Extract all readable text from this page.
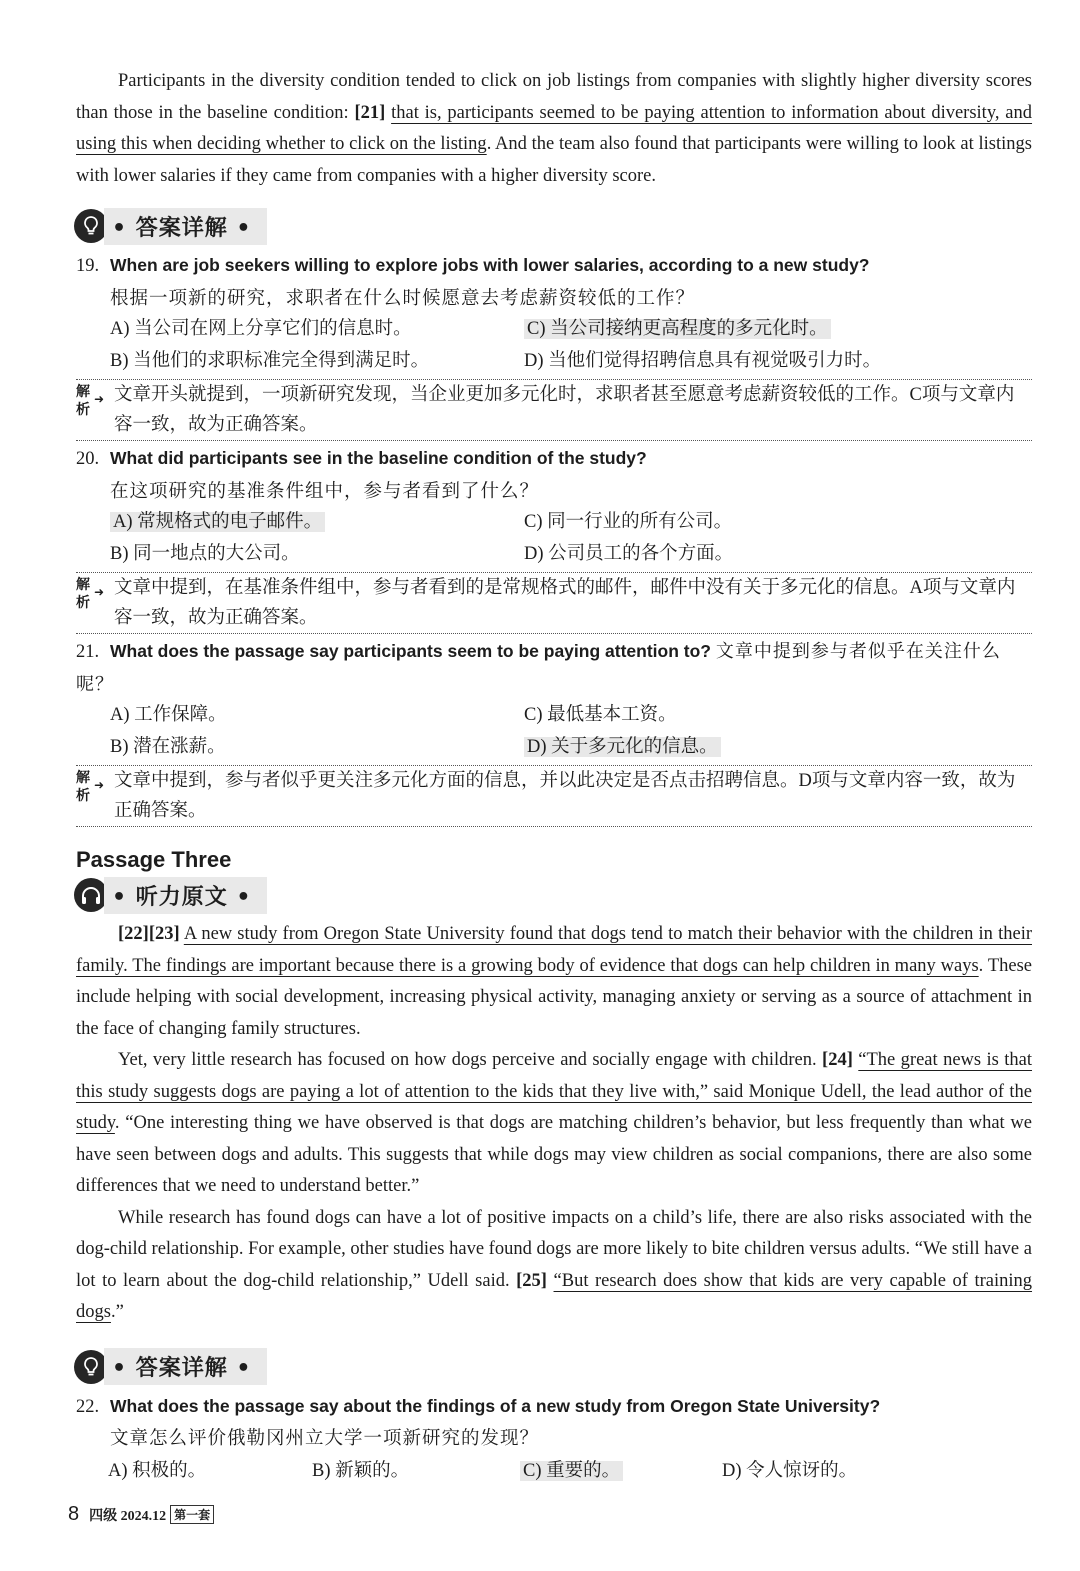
Participants in the diversity condition tended to click on job listings from companies with slightly higher diversity scores than those in the baseline condition: [21] that is, participants seemed to be paying attention to information about diversity, and using this when deciding whether to click on the listing. And the team also found that participants were willing to look at listings with lower salaries if they came from companies with a higher diversity score.

• 答案详解 •
19. When are job seekers willing to explore jobs with lower salaries, according to a new study?
根据一项新的研究，求职者在什么时候愿意去考虑薪资较低的工作？
A) 当公司在网上分享它们的信息时。	C) 当公司接纳更高程度的多元化时。
B) 当他们的求职标准完全得到满足时。	D) 当他们觉得招聘信息具有视觉吸引力时。
解析
➜ 文章开头就提到，一项新研究发现，当企业更加多元化时，求职者甚至愿意考虑薪资较低的工作。C项与文章内容一致，故为正确答案。
20. What did participants see in the baseline condition of the study?
在这项研究的基准条件组中，参与者看到了什么？
A) 常规格式的电子邮件。	C) 同一行业的所有公司。
B) 同一地点的大公司。	D) 公司员工的各个方面。
解析
➜ 文章中提到，在基准条件组中，参与者看到的是常规格式的邮件，邮件中没有关于多元化的信息。A项与文章内容一致，故为正确答案。
21. What does the passage say participants seem to be paying attention to? 文章中提到参与者似乎在关注什么呢？
A) 工作保障。	C) 最低基本工资。
B) 潜在涨薪。	D) 关于多元化的信息。
解析
➜ 文章中提到，参与者似乎更关注多元化方面的信息，并以此决定是否点击招聘信息。D项与文章内容一致，故为正确答案。
Passage Three
• 听力原文 •

[22][23] A new study from Oregon State University found that dogs tend to match their behavior with the children in their family. The findings are important because there is a growing body of evidence that dogs can help children in many ways. These include helping with social development, increasing physical activity, managing anxiety or serving as a source of attachment in the face of changing family structures.

Yet, very little research has focused on how dogs perceive and socially engage with children. [24] “The great news is that this study suggests dogs are paying a lot of attention to the kids that they live with,” said Monique Udell, the lead author of the study. “One interesting thing we have observed is that dogs are matching children’s behavior, but less frequently than what we have seen between dogs and adults. This suggests that while dogs may view children as social companions, there are also some differences that we need to understand better.”

While research has found dogs can have a lot of positive impacts on a child’s life, there are also risks associated with the dog-child relationship. For example, other studies have found dogs are more likely to bite children versus adults. “We still have a lot to learn about the dog-child relationship,” Udell said. [25] “But research does show that kids are very capable of training dogs.”

• 答案详解 •
22. What does the passage say about the findings of a new study from Oregon State University?
文章怎么评价俄勒冈州立大学一项新研究的发现？
A) 积极的。	B) 新颖的。	C) 重要的。	D) 令人惊讶的。
8 四级 2024.12 第一套
